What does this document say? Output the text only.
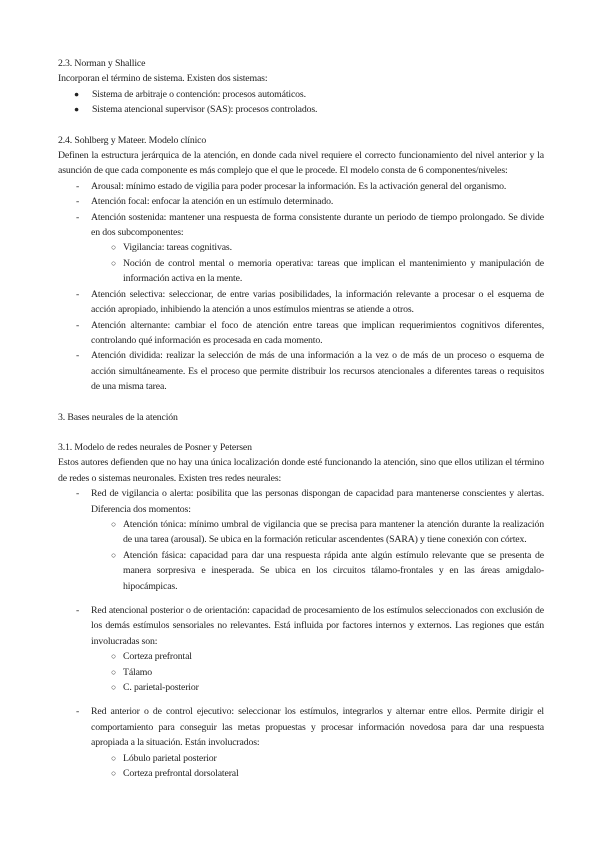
2.3. Norman y Shallice

Incorporan el término de sistema. Existen dos sistemas:

● Sistema de arbitraje o contención: procesos automáticos.
● Sistema atencional supervisor (SAS): procesos controlados.

2.4. Sohlberg y Mateer. Modelo clínico

Definen la estructura jerárquica de la atención, en donde cada nivel requiere el correcto funcionamiento del nivel anterior y la asunción de que cada componente es más complejo que el que le procede. El modelo consta de 6 componentes/niveles:

- Arousal: mínimo estado de vigilia para poder procesar la información. Es la activación general del organismo.
- Atención focal: enfocar la atención en un estímulo determinado.
- Atención sostenida: mantener una respuesta de forma consistente durante un periodo de tiempo prolongado. Se divide en dos subcomponentes:
○ Vigilancia: tareas cognitivas.
○ Noción de control mental o memoria operativa: tareas que implican el mantenimiento y manipulación de información activa en la mente.
- Atención selectiva: seleccionar, de entre varias posibilidades, la información relevante a procesar o el esquema de acción apropiado, inhibiendo la atención a unos estímulos mientras se atiende a otros.
- Atención alternante: cambiar el foco de atención entre tareas que implican requerimientos cognitivos diferentes, controlando qué información es procesada en cada momento.
- Atención dividida: realizar la selección de más de una información a la vez o de más de un proceso o esquema de acción simultáneamente. Es el proceso que permite distribuir los recursos atencionales a diferentes tareas o requisitos de una misma tarea.

3. Bases neurales de la atención

3.1. Modelo de redes neurales de Posner y Petersen

Estos autores defienden que no hay una única localización donde esté funcionando la atención, sino que ellos utilizan el término de redes o sistemas neuronales. Existen tres redes neurales:

- Red de vigilancia o alerta: posibilita que las personas dispongan de capacidad para mantenerse conscientes y alertas. Diferencia dos momentos:
○ Atención tónica: mínimo umbral de vigilancia que se precisa para mantener la atención durante la realización de una tarea (arousal). Se ubica en la formación reticular ascendentes (SARA) y tiene conexión con córtex.
○ Atención fásica: capacidad para dar una respuesta rápida ante algún estímulo relevante que se presenta de manera sorpresiva e inesperada. Se ubica en los circuitos tálamo-frontales y en las áreas amigdalo-hipocámpicas.
- Red atencional posterior o de orientación: capacidad de procesamiento de los estímulos seleccionados con exclusión de los demás estímulos sensoriales no relevantes. Está influida por factores internos y externos. Las regiones que están involucradas son:
○ Corteza prefrontal
○ Tálamo
○ C. parietal-posterior
- Red anterior o de control ejecutivo: seleccionar los estímulos, integrarlos y alternar entre ellos. Permite dirigir el comportamiento para conseguir las metas propuestas y procesar información novedosa para dar una respuesta apropiada a la situación. Están involucrados:
○ Lóbulo parietal posterior
○ Corteza prefrontal dorsolateral
